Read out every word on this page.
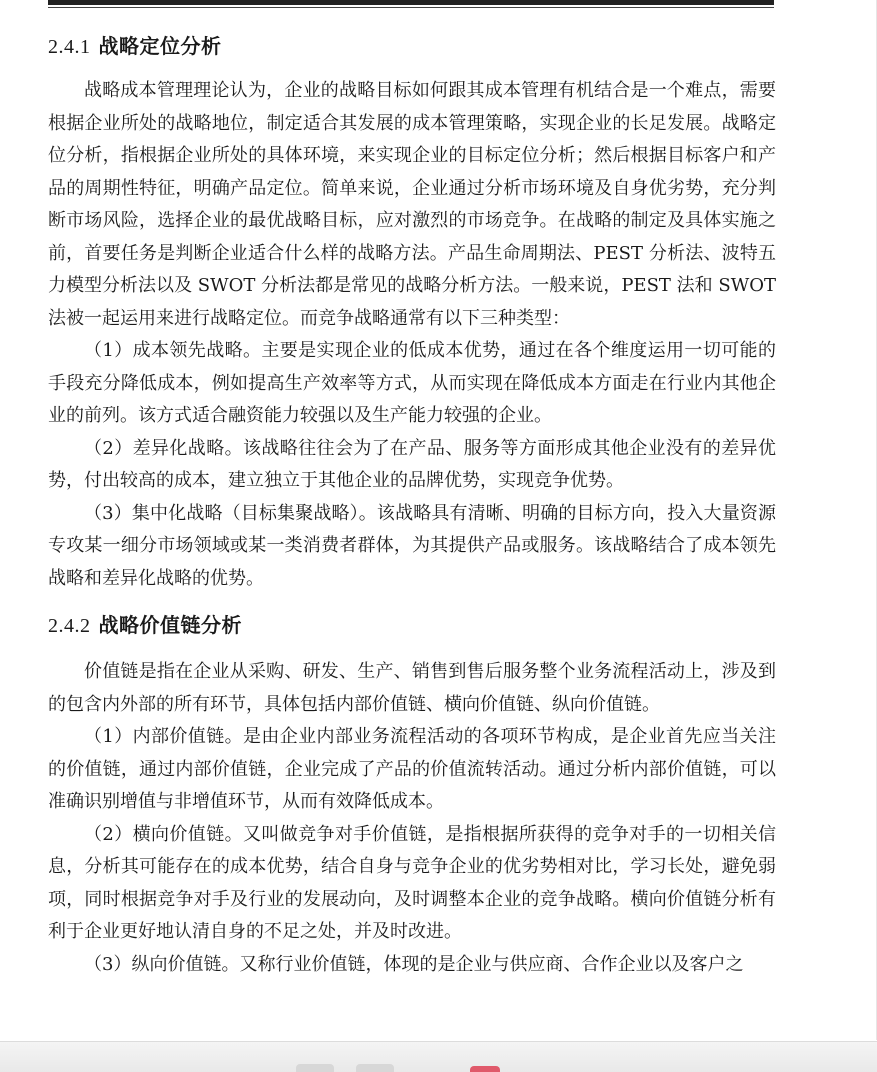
2.4.1 战略定位分析

战略成本管理理论认为，企业的战略目标如何跟其成本管理有机结合是一个难点，需要根据企业所处的战略地位，制定适合其发展的成本管理策略，实现企业的长足发展。战略定位分析，指根据企业所处的具体环境，来实现企业的目标定位分析；然后根据目标客户和产品的周期性特征，明确产品定位。简单来说，企业通过分析市场环境及自身优劣势，充分判断市场风险，选择企业的最优战略目标，应对激烈的市场竞争。在战略的制定及具体实施之前，首要任务是判断企业适合什么样的战略方法。产品生命周期法、PEST 分析法、波特五力模型分析法以及 SWOT 分析法都是常见的战略分析方法。一般来说，PEST 法和 SWOT 法被一起运用来进行战略定位。而竞争战略通常有以下三种类型：

（1）成本领先战略。主要是实现企业的低成本优势，通过在各个维度运用一切可能的手段充分降低成本，例如提高生产效率等方式，从而实现在降低成本方面走在行业内其他企业的前列。该方式适合融资能力较强以及生产能力较强的企业。

（2）差异化战略。该战略往往会为了在产品、服务等方面形成其他企业没有的差异优势，付出较高的成本，建立独立于其他企业的品牌优势，实现竞争优势。

（3）集中化战略（目标集聚战略）。该战略具有清晰、明确的目标方向，投入大量资源专攻某一细分市场领域或某一类消费者群体，为其提供产品或服务。该战略结合了成本领先战略和差异化战略的优势。

2.4.2 战略价值链分析

价值链是指在企业从采购、研发、生产、销售到售后服务整个业务流程活动上，涉及到的包含内外部的所有环节，具体包括内部价值链、横向价值链、纵向价值链。

（1）内部价值链。是由企业内部业务流程活动的各项环节构成，是企业首先应当关注的价值链，通过内部价值链，企业完成了产品的价值流转活动。通过分析内部价值链，可以准确识别增值与非增值环节，从而有效降低成本。

（2）横向价值链。又叫做竞争对手价值链，是指根据所获得的竞争对手的一切相关信息，分析其可能存在的成本优势，结合自身与竞争企业的优劣势相对比，学习长处，避免弱项，同时根据竞争对手及行业的发展动向，及时调整本企业的竞争战略。横向价值链分析有利于企业更好地认清自身的不足之处，并及时改进。

（3）纵向价值链。又称行业价值链，体现的是企业与供应商、合作企业以及客户之
